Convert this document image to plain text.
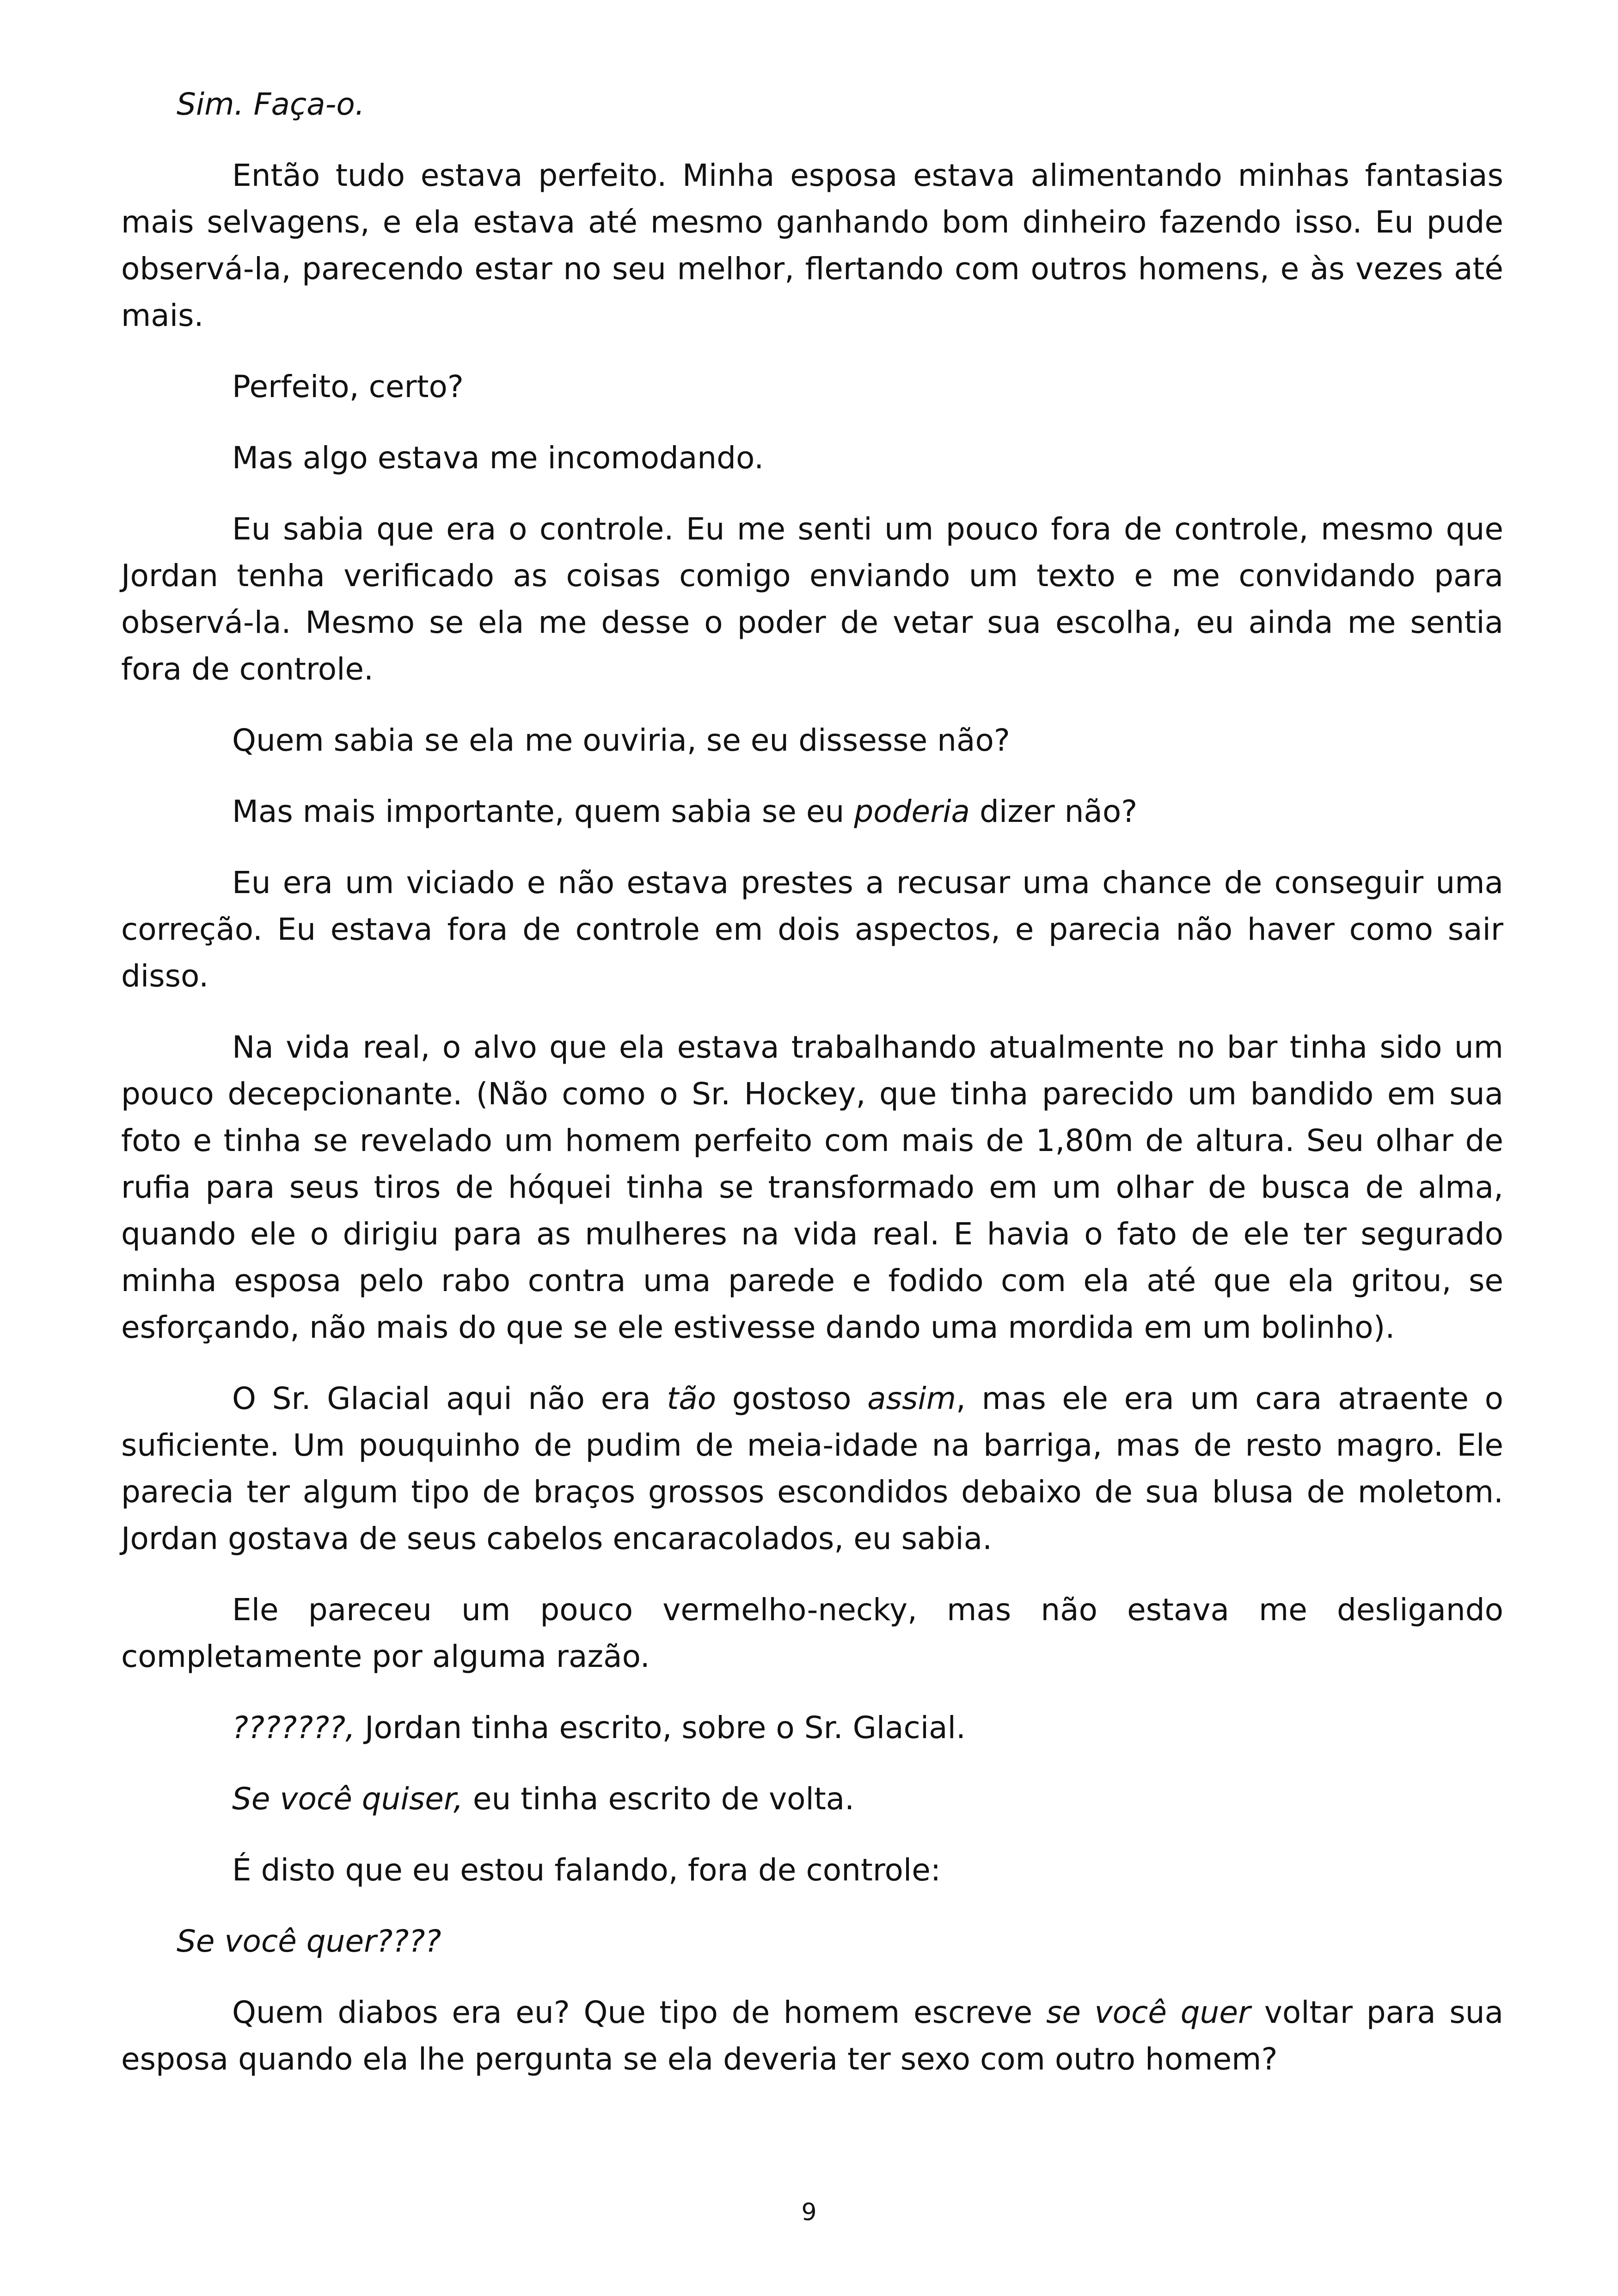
Sim. Faça-o.

Então tudo estava perfeito. Minha esposa estava alimentando minhas fantasias mais selvagens, e ela estava até mesmo ganhando bom dinheiro fazendo isso. Eu pude observá-la, parecendo estar no seu melhor, flertando com outros homens, e às vezes até mais.

Perfeito, certo?

Mas algo estava me incomodando.

Eu sabia que era o controle. Eu me senti um pouco fora de controle, mesmo que Jordan tenha verificado as coisas comigo enviando um texto e me convidando para observá-la. Mesmo se ela me desse o poder de vetar sua escolha, eu ainda me sentia fora de controle.

Quem sabia se ela me ouviria, se eu dissesse não?

Mas mais importante, quem sabia se eu poderia dizer não?

Eu era um viciado e não estava prestes a recusar uma chance de conseguir uma correção. Eu estava fora de controle em dois aspectos, e parecia não haver como sair disso.

Na vida real, o alvo que ela estava trabalhando atualmente no bar tinha sido um pouco decepcionante. (Não como o Sr. Hockey, que tinha parecido um bandido em sua foto e tinha se revelado um homem perfeito com mais de 1,80m de altura. Seu olhar de rufia para seus tiros de hóquei tinha se transformado em um olhar de busca de alma, quando ele o dirigiu para as mulheres na vida real. E havia o fato de ele ter segurado minha esposa pelo rabo contra uma parede e fodido com ela até que ela gritou, se esforçando, não mais do que se ele estivesse dando uma mordida em um bolinho).

O Sr. Glacial aqui não era tão gostoso assim, mas ele era um cara atraente o suficiente. Um pouquinho de pudim de meia-idade na barriga, mas de resto magro. Ele parecia ter algum tipo de braços grossos escondidos debaixo de sua blusa de moletom. Jordan gostava de seus cabelos encaracolados, eu sabia.

Ele pareceu um pouco vermelho-necky, mas não estava me desligando completamente por alguma razão.

???????, Jordan tinha escrito, sobre o Sr. Glacial.

Se você quiser, eu tinha escrito de volta.

É disto que eu estou falando, fora de controle:

Se você quer????

Quem diabos era eu? Que tipo de homem escreve se você quer voltar para sua esposa quando ela lhe pergunta se ela deveria ter sexo com outro homem?

9
